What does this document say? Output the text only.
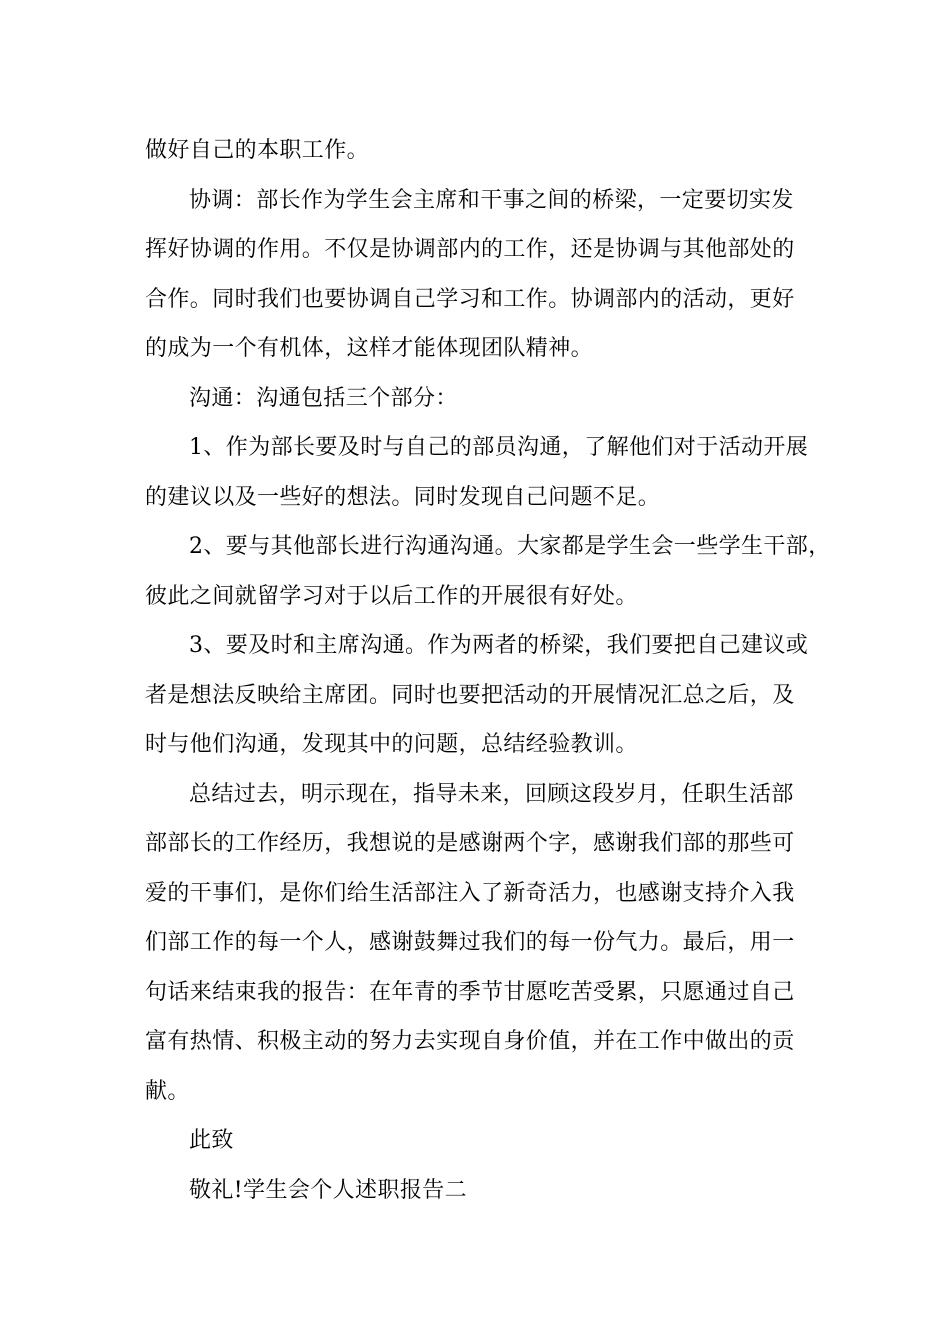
做好自己的本职工作。

协调：部长作为学生会主席和干事之间的桥梁，一定要切实发

挥好协调的作用。不仅是协调部内的工作，还是协调与其他部处的

合作。同时我们也要协调自己学习和工作。协调部内的活动，更好

的成为一个有机体，这样才能体现团队精神。

沟通：沟通包括三个部分：

1、作为部长要及时与自己的部员沟通，了解他们对于活动开展

的建议以及一些好的想法。同时发现自己问题不足。

2、要与其他部长进行沟通沟通。大家都是学生会一些学生干部，

彼此之间就留学习对于以后工作的开展很有好处。

3、要及时和主席沟通。作为两者的桥梁，我们要把自己建议或

者是想法反映给主席团。同时也要把活动的开展情况汇总之后，及

时与他们沟通，发现其中的问题，总结经验教训。

总结过去，明示现在，指导未来，回顾这段岁月，任职生活部

部部长的工作经历，我想说的是感谢两个字，感谢我们部的那些可

爱的干事们，是你们给生活部注入了新奇活力，也感谢支持介入我

们部工作的每一个人，感谢鼓舞过我们的每一份气力。最后，用一

句话来结束我的报告：在年青的季节甘愿吃苦受累，只愿通过自己

富有热情、积极主动的努力去实现自身价值，并在工作中做出的贡

献。

此致

敬礼!学生会个人述职报告二
